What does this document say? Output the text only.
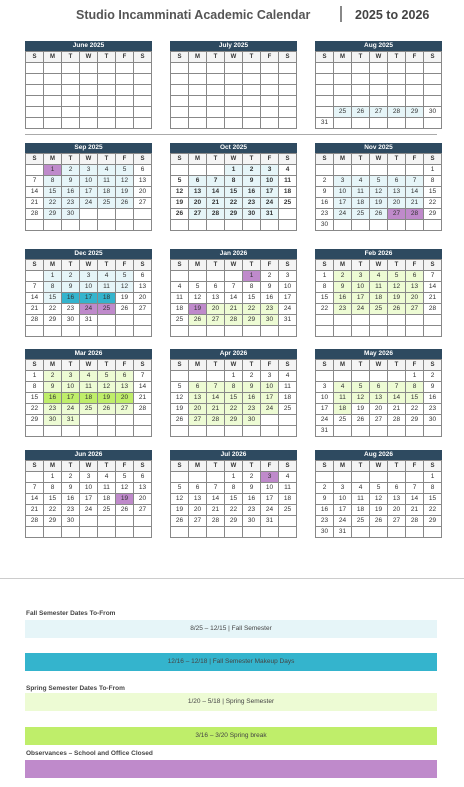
Studio Incamminati Academic Calendar	2025 to 2026
June 2025
S	M	T	W	T	F	S

July 2025
S	M	T	W	T	F	S

Aug 2025
S	M	T	W	T	F	S

	25	26	27	28	29	30
31						
Sep 2025
S	M	T	W	T	F	S
	1	2	3	4	5	6
7	8	9	10	11	12	13
14	15	16	17	18	19	20
21	22	23	24	25	26	27
28	29	30				

Oct 2025
S	M	T	W	T	F	S
			1	2	3	4
5	6	7	8	9	10	11
12	13	14	15	16	17	18
19	20	21	22	23	24	25
26	27	28	29	30	31	

Nov 2025
S	M	T	W	T	F	S
						1
2	3	4	5	6	7	8
9	10	11	12	13	14	15
16	17	18	19	20	21	22
23	24	25	26	27	28	29
30						
Dec 2025
S	M	T	W	T	F	S
	1	2	3	4	5	6
7	8	9	10	11	12	13
14	15	16	17	18	19	20
21	22	23	24	25	26	27
28	29	30	31			

Jan 2026
S	M	T	W	T	F	S
				1	2	3
4	5	6	7	8	9	10
11	12	13	14	15	16	17
18	19	20	21	22	23	24
25	26	27	28	29	30	31

Feb 2026
S	M	T	W	T	F	S
1	2	3	4	5	6	7
8	9	10	11	12	13	14
15	16	17	18	19	20	21
22	23	24	25	26	27	28

Mar 2026
S	M	T	W	T	F	S
1	2	3	4	5	6	7
8	9	10	11	12	13	14
15	16	17	18	19	20	21
22	23	24	25	26	27	28
29	30	31				

Apr 2026
S	M	T	W	T	F	S
			1	2	3	4
5	6	7	8	9	10	11
12	13	14	15	16	17	18
19	20	21	22	23	24	25
26	27	28	29	30		

May 2026
S	M	T	W	T	F	S
					1	2
3	4	5	6	7	8	9
10	11	12	13	14	15	16
17	18	19	20	21	22	23
24	25	26	27	28	29	30
31						
Jun 2026
S	M	T	W	T	F	S
	1	2	3	4	5	6
7	8	9	10	11	12	13
14	15	16	17	18	19	20
21	22	23	24	25	26	27
28	29	30				

Jul 2026
S	M	T	W	T	F	S
			1	2	3	4
5	6	7	8	9	10	11
12	13	14	15	16	17	18
19	20	21	22	23	24	25
26	27	28	29	30	31	

Aug 2026
S	M	T	W	T	F	S
						1
2	3	4	5	6	7	8
9	10	11	12	13	14	15
16	17	18	19	20	21	22
23	24	25	26	27	28	29
30	31					
Fall Semester Dates To-From
8/25 – 12/15 | Fall Semester
12/16 – 12/18 | Fall Semester Makeup Days
Spring Semester Dates To-From
1/20 – 5/18 | Spring Semester
3/16 – 3/20 Spring break
Observances – School and Office Closed
